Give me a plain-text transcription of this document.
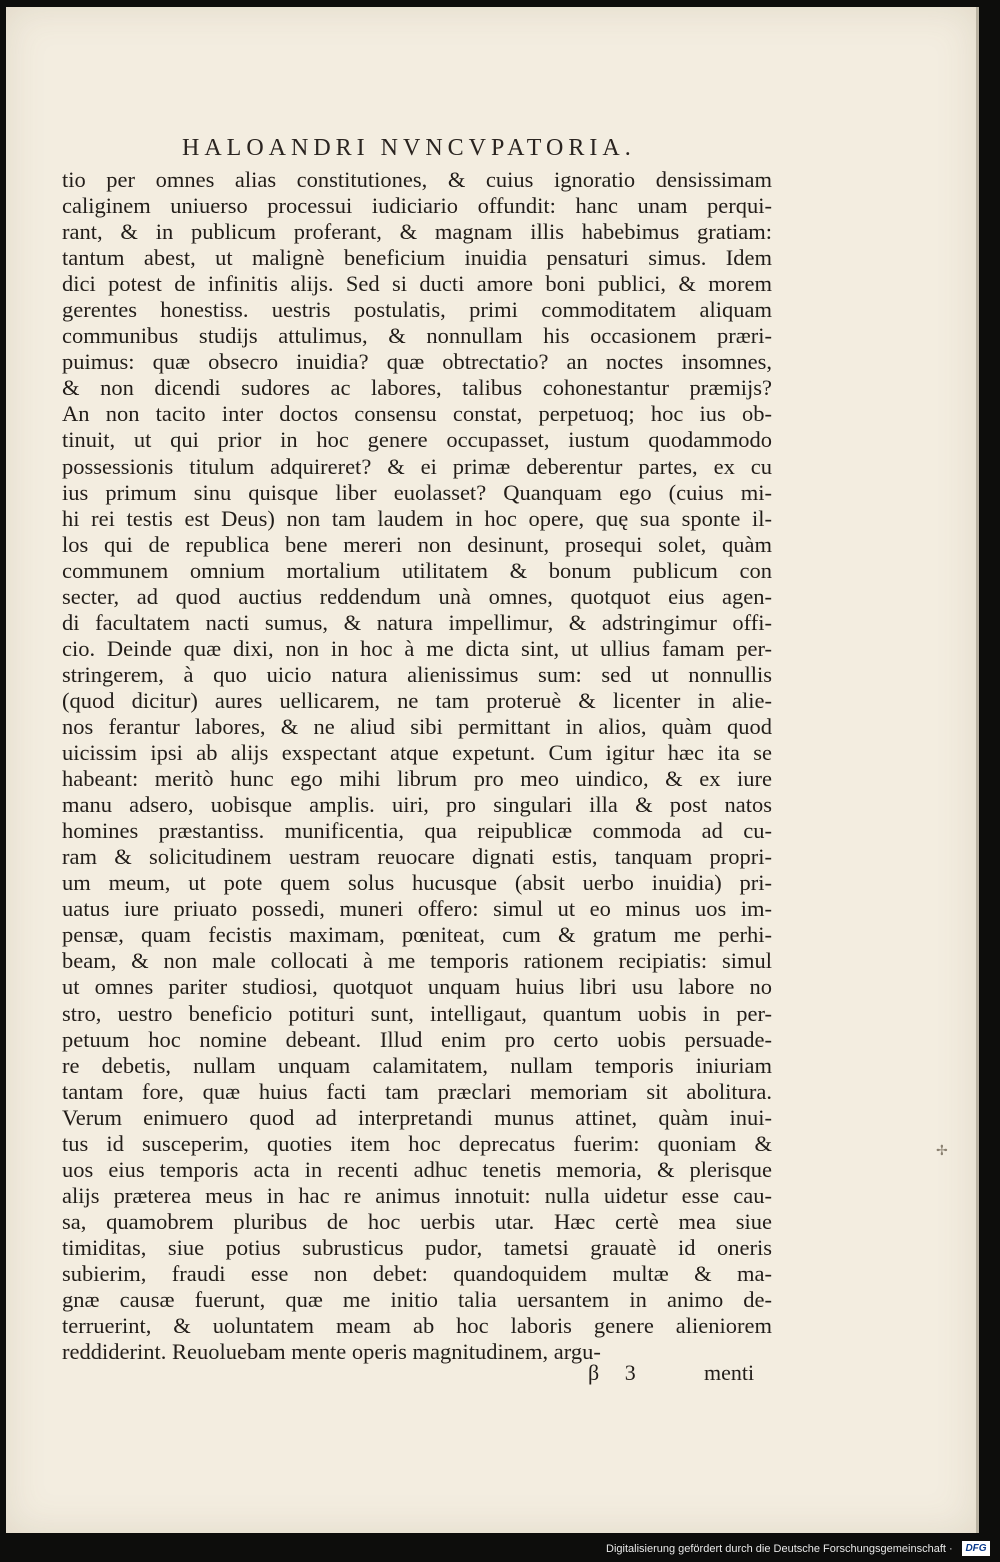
HALOANDRI NVNCVPATORIA.
tio per omnes alias constitutiones, & cuius ignoratio densissimam
caliginem uniuerso processui iudiciario offundit: hanc unam perqui-
rant, & in publicum proferant, & magnam illis habebimus gratiam:
tantum abest, ut malignè beneficium inuidia pensaturi simus. Idem
dici potest de infinitis alijs. Sed si ducti amore boni publici, & morem
gerentes honestiss. uestris postulatis, primi commoditatem aliquam
communibus studijs attulimus, & nonnullam his occasionem præri-
puimus: quæ obsecro inuidia? quæ obtrectatio? an noctes insomnes,
& non dicendi sudores ac labores, talibus cohonestantur præmijs?
An non tacito inter doctos consensu constat, perpetuoq; hoc ius ob-
tinuit, ut qui prior in hoc genere occupasset, iustum quodammodo
possessionis titulum adquireret? & ei primæ deberentur partes, ex cu
ius primum sinu quisque liber euolasset? Quanquam ego (cuius mi-
hi rei testis est Deus) non tam laudem in hoc opere, quę sua sponte il-
los qui de republica bene mereri non desinunt, prosequi solet, quàm
communem omnium mortalium utilitatem & bonum publicum con
secter, ad quod auctius reddendum unà omnes, quotquot eius agen-
di facultatem nacti sumus, & natura impellimur, & adstringimur offi-
cio. Deinde quæ dixi, non in hoc à me dicta sint, ut ullius famam per-
stringerem, à quo uicio natura alienissimus sum: sed ut nonnullis
(quod dicitur) aures uellicarem, ne tam proteruè & licenter in alie-
nos ferantur labores, & ne aliud sibi permittant in alios, quàm quod
uicissim ipsi ab alijs exspectant atque expetunt. Cum igitur hæc ita se
habeant: meritò hunc ego mihi librum pro meo uindico, & ex iure
manu adsero, uobisque amplis. uiri, pro singulari illa & post natos
homines præstantiss. munificentia, qua reipublicæ commoda ad cu-
ram & solicitudinem uestram reuocare dignati estis, tanquam propri-
um meum, ut pote quem solus hucusque (absit uerbo inuidia) pri-
uatus iure priuato possedi, muneri offero: simul ut eo minus uos im-
pensæ, quam fecistis maximam, pœniteat, cum & gratum me perhi-
beam, & non male collocati à me temporis rationem recipiatis: simul
ut omnes pariter studiosi, quotquot unquam huius libri usu labore no
stro, uestro beneficio potituri sunt, intelligaut, quantum uobis in per-
petuum hoc nomine debeant. Illud enim pro certo uobis persuade-
re debetis, nullam unquam calamitatem, nullam temporis iniuriam
tantam fore, quæ huius facti tam præclari memoriam sit abolitura.
Verum enimuero quod ad interpretandi munus attinet, quàm inui-
tus id susceperim, quoties item hoc deprecatus fuerim: quoniam &
uos eius temporis acta in recenti adhuc tenetis memoria, & plerisque
alijs præterea meus in hac re animus innotuit: nulla uidetur esse cau-
sa, quamobrem pluribus de hoc uerbis utar. Hæc certè mea siue
timiditas, siue potius subrusticus pudor, tametsi grauatè id oneris
subierim, fraudi esse non debet: quandoquidem multæ & ma-
gnæ causæ fuerunt, quæ me initio talia uersantem in animo de-
terruerint, & uoluntatem meam ab hoc laboris genere alieniorem
reddiderint. Reuoluebam mente operis magnitudinem, argu-
✢
β 3	menti
Digitalisierung gefördert durch die Deutsche Forschungsgemeinschaft ·	DFG
